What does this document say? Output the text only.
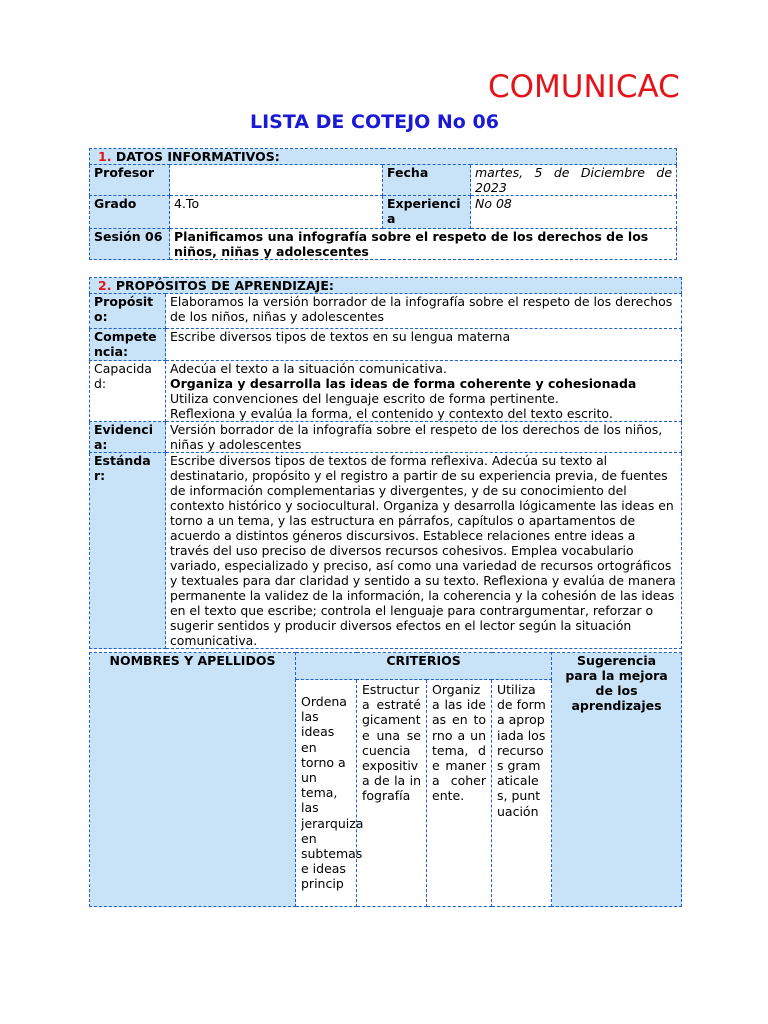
COMUNICAC
LISTA DE COTEJO No 06
1. DATOS INFORMATIVOS:			
Profesor		Fecha	martes, 5 de Diciembre de 2023
Grado	4.To	Experiencia	No 08
Sesión 06	Planificamos una infografía sobre el respeto de los derechos de los niños, niñas y adolescentes		
2. PROPÓSITOS DE APRENDIZAJE:	
Propósito:	Elaboramos la versión borrador de la infografía sobre el respeto de los derechos de los niños, niñas y adolescentes
Competencia:	Escribe diversos tipos de textos en su lengua materna
Capacidad:	Adecúa el texto a la situación comunicativa.
Organiza y desarrolla las ideas de forma coherente y cohesionada
Utiliza convenciones del lenguaje escrito de forma pertinente.
Reflexiona y evalúa la forma, el contenido y contexto del texto escrito.

Evidencia:	Versión borrador de la infografía sobre el respeto de los derechos de los niños, niñas y adolescentes
Estándar:	Escribe diversos tipos de textos de forma reflexiva. Adecúa su texto al destinatario, propósito y el registro a partir de su experiencia previa, de fuentes de información complementarias y divergentes, y de su conocimiento del contexto histórico y sociocultural. Organiza y desarrolla lógicamente las ideas en torno a un tema, y las estructura en párrafos, capítulos o apartamentos de acuerdo a distintos géneros discursivos. Establece relaciones entre ideas a través del uso preciso de diversos recursos cohesivos. Emplea vocabulario variado, especializado y preciso, así como una variedad de recursos ortográficos y textuales para dar claridad y sentido a su texto. Reflexiona y evalúa de manera permanente la validez de la información, la coherencia y la cohesión de las ideas en el texto que escribe; controla el lenguaje para contrargumentar, reforzar o sugerir sentidos y producir diversos efectos en el lector según la situación comunicativa.
NOMBRES Y APELLIDOS	CRITERIOS				Sugerencia para la mejora de los aprendizajes
	Ordena las ideas en torno a un tema, las jerarquiza en subtemas e ideas princip	Estructura estratégicamente una secuencia expositiva de la infografía	Organiza las ideas en torno a un tema, de manera coherente.	Utiliza de forma apropiada los recursos gramaticales, puntuación	
